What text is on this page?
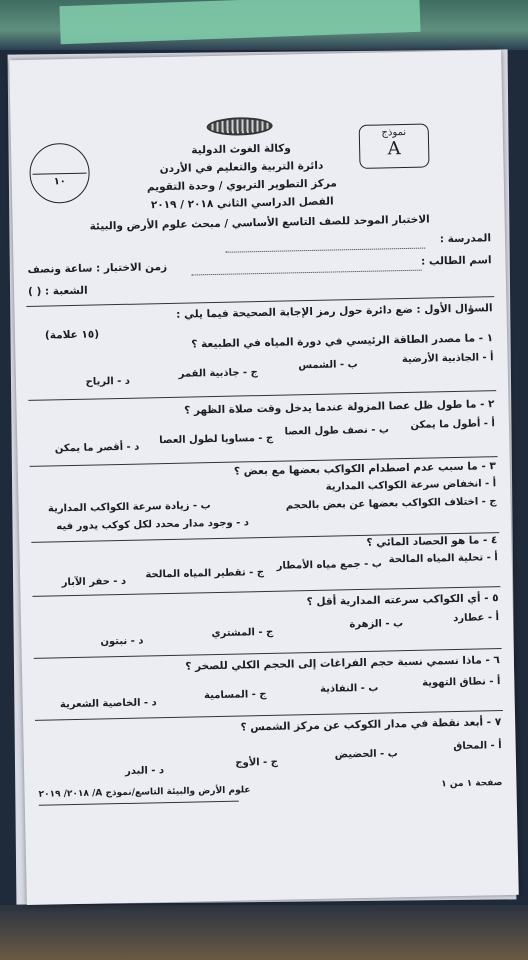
وكالة الغوث الدولية
دائرة التربية والتعليم في الأردن
مركز التطوير التربوي / وحدة التقويم
الفصل الدراسي الثاني ٢٠١٨ / ٢٠١٩
نموذج
A
١٠
الاختبار الموحد للصف التاسع الأساسي / مبحث علوم الأرض والبيئة
المدرسة :
اسم الطالب :
زمن الاختبار : ساعة ونصف
الشعبة : ( )
السؤال الأول : ضع دائرة حول رمز الإجابة الصحيحة فيما يلي :
(١٥ علامة)	١ - ما مصدر الطاقة الرئيسي في دورة المياه في الطبيعة ؟
أ - الجاذبية الأرضية
ب - الشمس
ج - جاذبية القمر
د - الرياح
٢ - ما طول ظل عصا المزولة عندما يدخل وقت صلاة الظهر ؟
أ - أطول ما يمكن
ب - نصف طول العصا
ج - مساويا لطول العصا
د - أقصر ما يمكن
٣ - ما سبب عدم اصطدام الكواكب بعضها مع بعض ؟
أ - انخفاض سرعة الكواكب المدارية
ج - اختلاف الكواكب بعضها عن بعض بالحجم
ب - زيادة سرعة الكواكب المدارية
د - وجود مدار محدد لكل كوكب يدور فيه
٤ - ما هو الحصاد المائي ؟
أ - تحلية المياه المالحة
ب - جمع مياه الأمطار
ج - تقطير المياه المالحة
د - حفر الآبار
٥ - أي الكواكب سرعته المدارية أقل ؟
أ - عطارد
ب - الزهرة
ج - المشتري
د - نبتون
٦ - ماذا نسمي نسبة حجم الفراغات إلى الحجم الكلي للصخر ؟
أ - نطاق التهوية
ب - النفاذية
ج - المسامية
د - الخاصية الشعرية
٧ - أبعد نقطة في مدار الكوكب عن مركز الشمس ؟
أ - المحاق
ب - الحضيض
ج - الأوج
د - البدر
صفحة ١ من ١
علوم الأرض والبيئة التاسع/نموذج A/ ٢٠١٨/ ٢٠١٩
